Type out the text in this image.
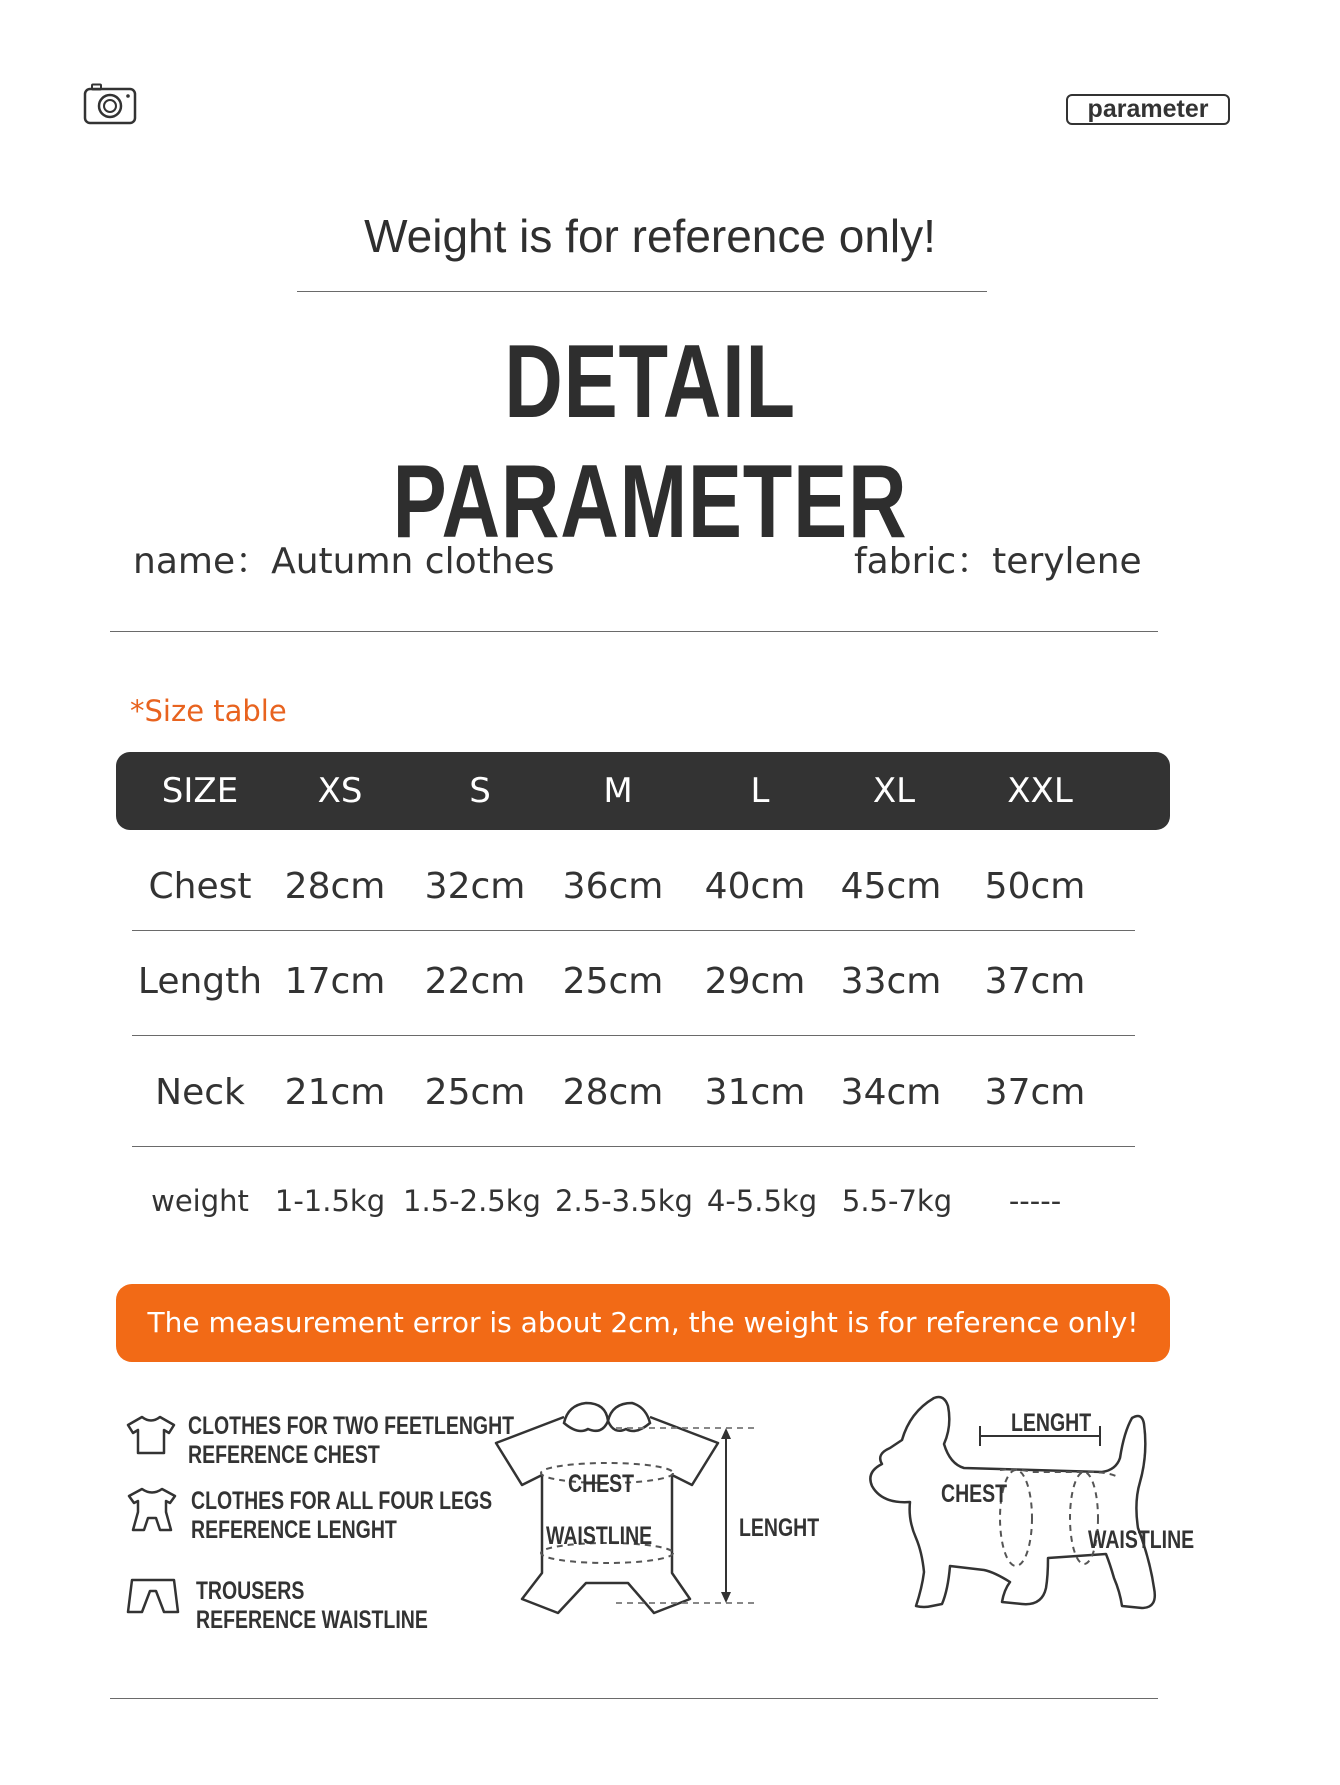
parameter
Weight is for reference only!
DETAIL PARAMETER
name：Autumn clothes	fabric：terylene
*Size table
SIZE XS	S	M	L	XL	XXL
Chest 28cm 32cm 36cm 40cm 45cm 50cm
Length 17cm 22cm 25cm 29cm 33cm 37cm
Neck 21cm 25cm 28cm 31cm 34cm 37cm
weight 1-1.5kg 1.5-2.5kg 2.5-3.5kg 4-5.5kg 5.5-7kg -----
The measurement error is about 2cm, the weight is for reference only!
CLOTHES FOR TWO FEETLENGHT
REFERENCE CHEST
CLOTHES FOR ALL FOUR LEGS
REFERENCE LENGHT
TROUSERS
REFERENCE WAISTLINE
CHEST
WAISTLINE	LENGHT
LENGHT
CHEST
WAISTLINE
